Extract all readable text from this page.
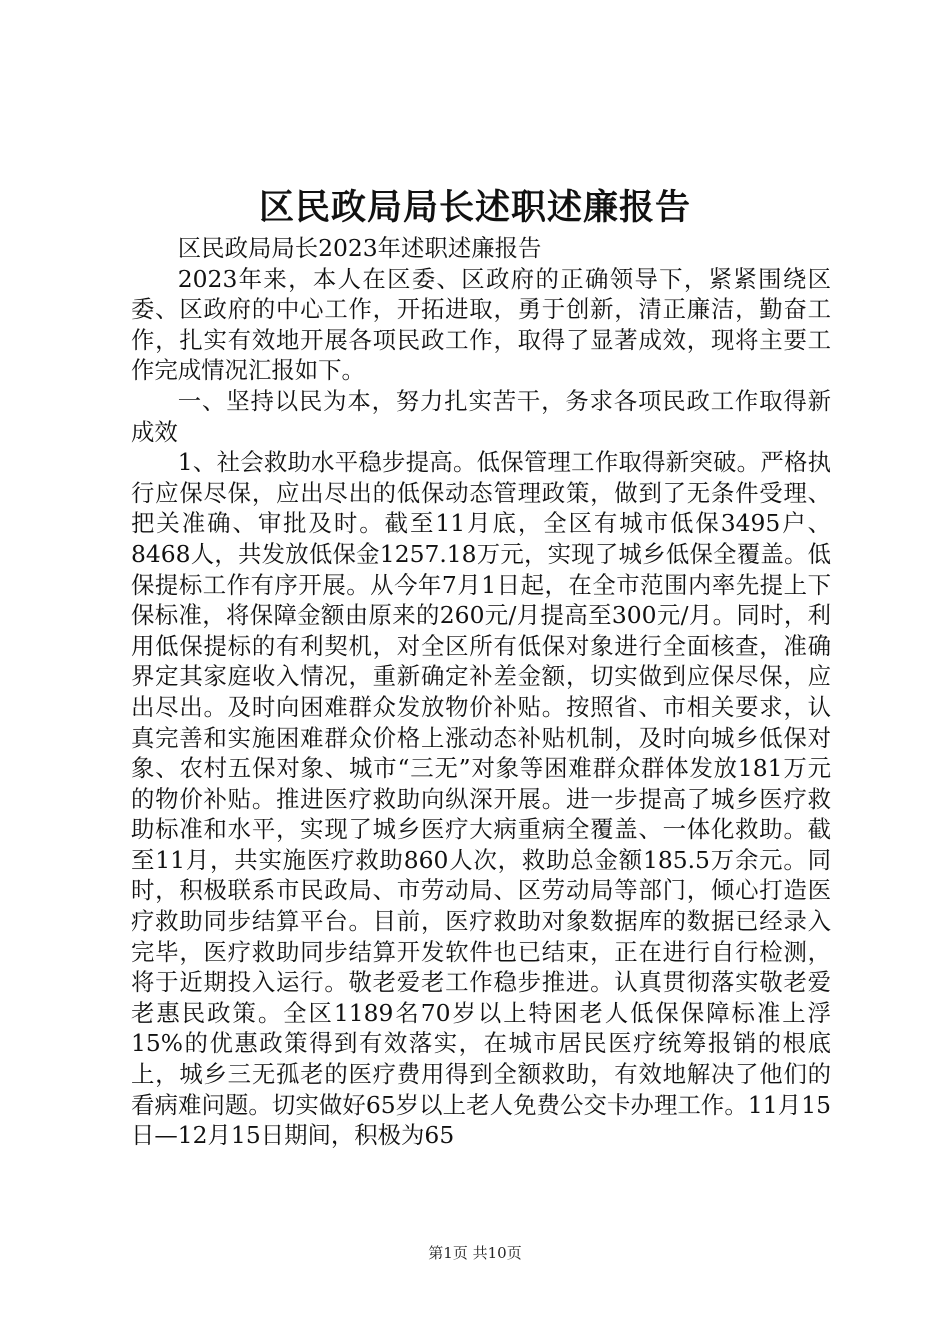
区民政局局长述职述廉报告

区民政局局长2023年述职述廉报告

2023年来，本人在区委、区政府的正确领导下，紧紧围绕区委、区政府的中心工作，开拓进取，勇于创新，清正廉洁，勤奋工作，扎实有效地开展各项民政工作，取得了显著成效，现将主要工作完成情况汇报如下。

一、坚持以民为本，努力扎实苦干，务求各项民政工作取得新成效

1、社会救助水平稳步提高。低保管理工作取得新突破。严格执行应保尽保，应出尽出的低保动态管理政策，做到了无条件受理、把关准确、审批及时。截至11月底，全区有城市低保3495户、8468人，共发放低保金1257.18万元，实现了城乡低保全覆盖。低保提标工作有序开展。从今年7月1日起，在全市范围内率先提上下保标准，将保障金额由原来的260元/月提高至300元/月。同时，利用低保提标的有利契机，对全区所有低保对象进行全面核查，准确界定其家庭收入情况，重新确定补差金额，切实做到应保尽保，应出尽出。及时向困难群众发放物价补贴。按照省、市相关要求，认真完善和实施困难群众价格上涨动态补贴机制，及时向城乡低保对象、农村五保对象、城市“三无”对象等困难群众群体发放181万元的物价补贴。推进医疗救助向纵深开展。进一步提高了城乡医疗救助标准和水平，实现了城乡医疗大病重病全覆盖、一体化救助。截至11月，共实施医疗救助860人次，救助总金额185.5万余元。同时，积极联系市民政局、市劳动局、区劳动局等部门，倾心打造医疗救助同步结算平台。目前，医疗救助对象数据库的数据已经录入完毕，医疗救助同步结算开发软件也已结束，正在进行自行检测，将于近期投入运行。敬老爱老工作稳步推进。认真贯彻落实敬老爱老惠民政策。全区1189名70岁以上特困老人低保保障标准上浮15%的优惠政策得到有效落实，在城市居民医疗统筹报销的根底上，城乡三无孤老的医疗费用得到全额救助，有效地解决了他们的看病难问题。切实做好65岁以上老人免费公交卡办理工作。11月15日—12月15日期间，积极为65

第1页 共10页
